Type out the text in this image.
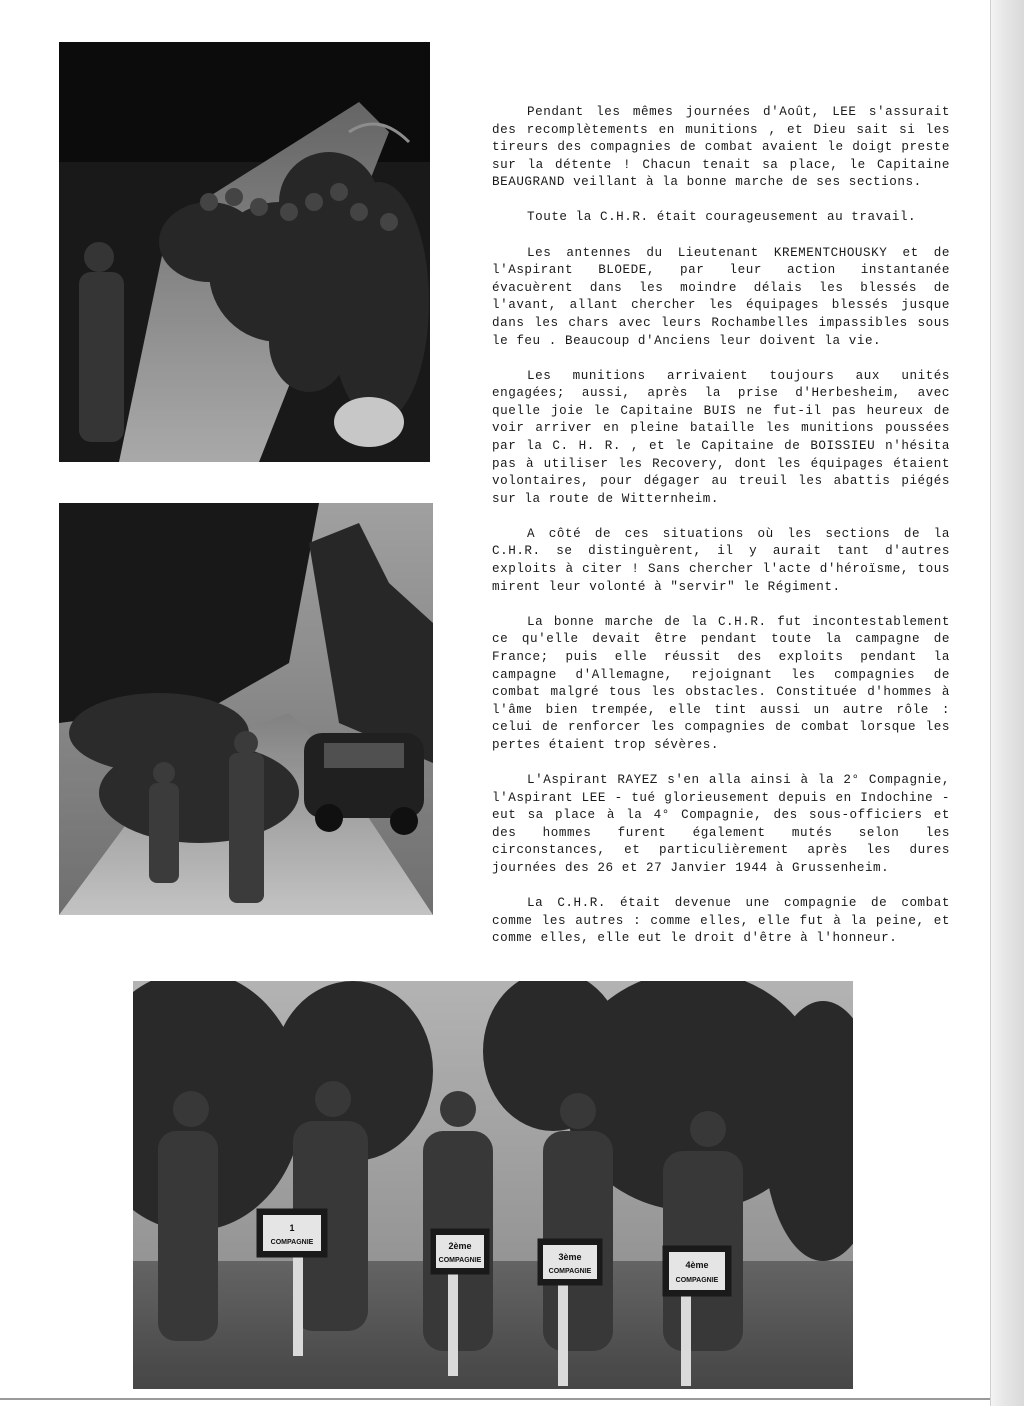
1
COMPAGNIE	2ème
COMPAGNIE	3ème
COMPAGNIE
4ème
COMPAGNIE

Pendant les mêmes journées d'Août, LEE s'assurait des recomplètements en munitions , et Dieu sait si les tireurs des compagnies de combat avaient le doigt preste sur la détente ! Chacun tenait sa place, le Capitaine BEAUGRAND veillant à la bonne marche de ses sections.

Toute la C.H.R. était courageusement au travail.

Les antennes du Lieutenant KREMENTCHOUSKY et de l'Aspirant BLOEDE, par leur action instantanée évacuèrent dans les moindre délais les blessés de l'avant, allant chercher les équipages blessés jusque dans les chars avec leurs Rochambelles impassibles sous le feu . Beaucoup d'Anciens leur doivent la vie.

Les munitions arrivaient toujours aux unités engagées; aussi, après la prise d'Herbesheim, avec quelle joie le Capitaine BUIS ne fut-il pas heureux de voir arriver en pleine bataille les munitions poussées par la C. H. R. , et le Capitaine de BOISSIEU n'hésita pas à utiliser les Recovery, dont les équipages étaient volontaires, pour dégager au treuil les abattis piégés sur la route de Witternheim.

A côté de ces situations où les sections de la C.H.R. se distinguèrent, il y aurait tant d'autres exploits à citer ! Sans chercher l'acte d'héroïsme, tous mirent leur volonté à "servir" le Régiment.

La bonne marche de la C.H.R. fut incontestablement ce qu'elle devait être pendant toute la campagne de France; puis elle réussit des exploits pendant la campagne d'Allemagne, rejoignant les compagnies de combat malgré tous les obstacles. Constituée d'hommes à l'âme bien trempée, elle tint aussi un autre rôle : celui de renforcer les compagnies de combat lorsque les pertes étaient trop sévères.

L'Aspirant RAYEZ s'en alla ainsi à la 2° Compagnie, l'Aspirant LEE - tué glorieusement depuis en Indochine - eut sa place à la 4° Compagnie, des sous-officiers et des hommes furent également mutés selon les circonstances, et particulièrement après les dures journées des 26 et 27 Janvier 1944 à Grussenheim.

La C.H.R. était devenue une compagnie de combat comme les autres : comme elles, elle fut à la peine, et comme elles, elle eut le droit d'être à l'honneur.
